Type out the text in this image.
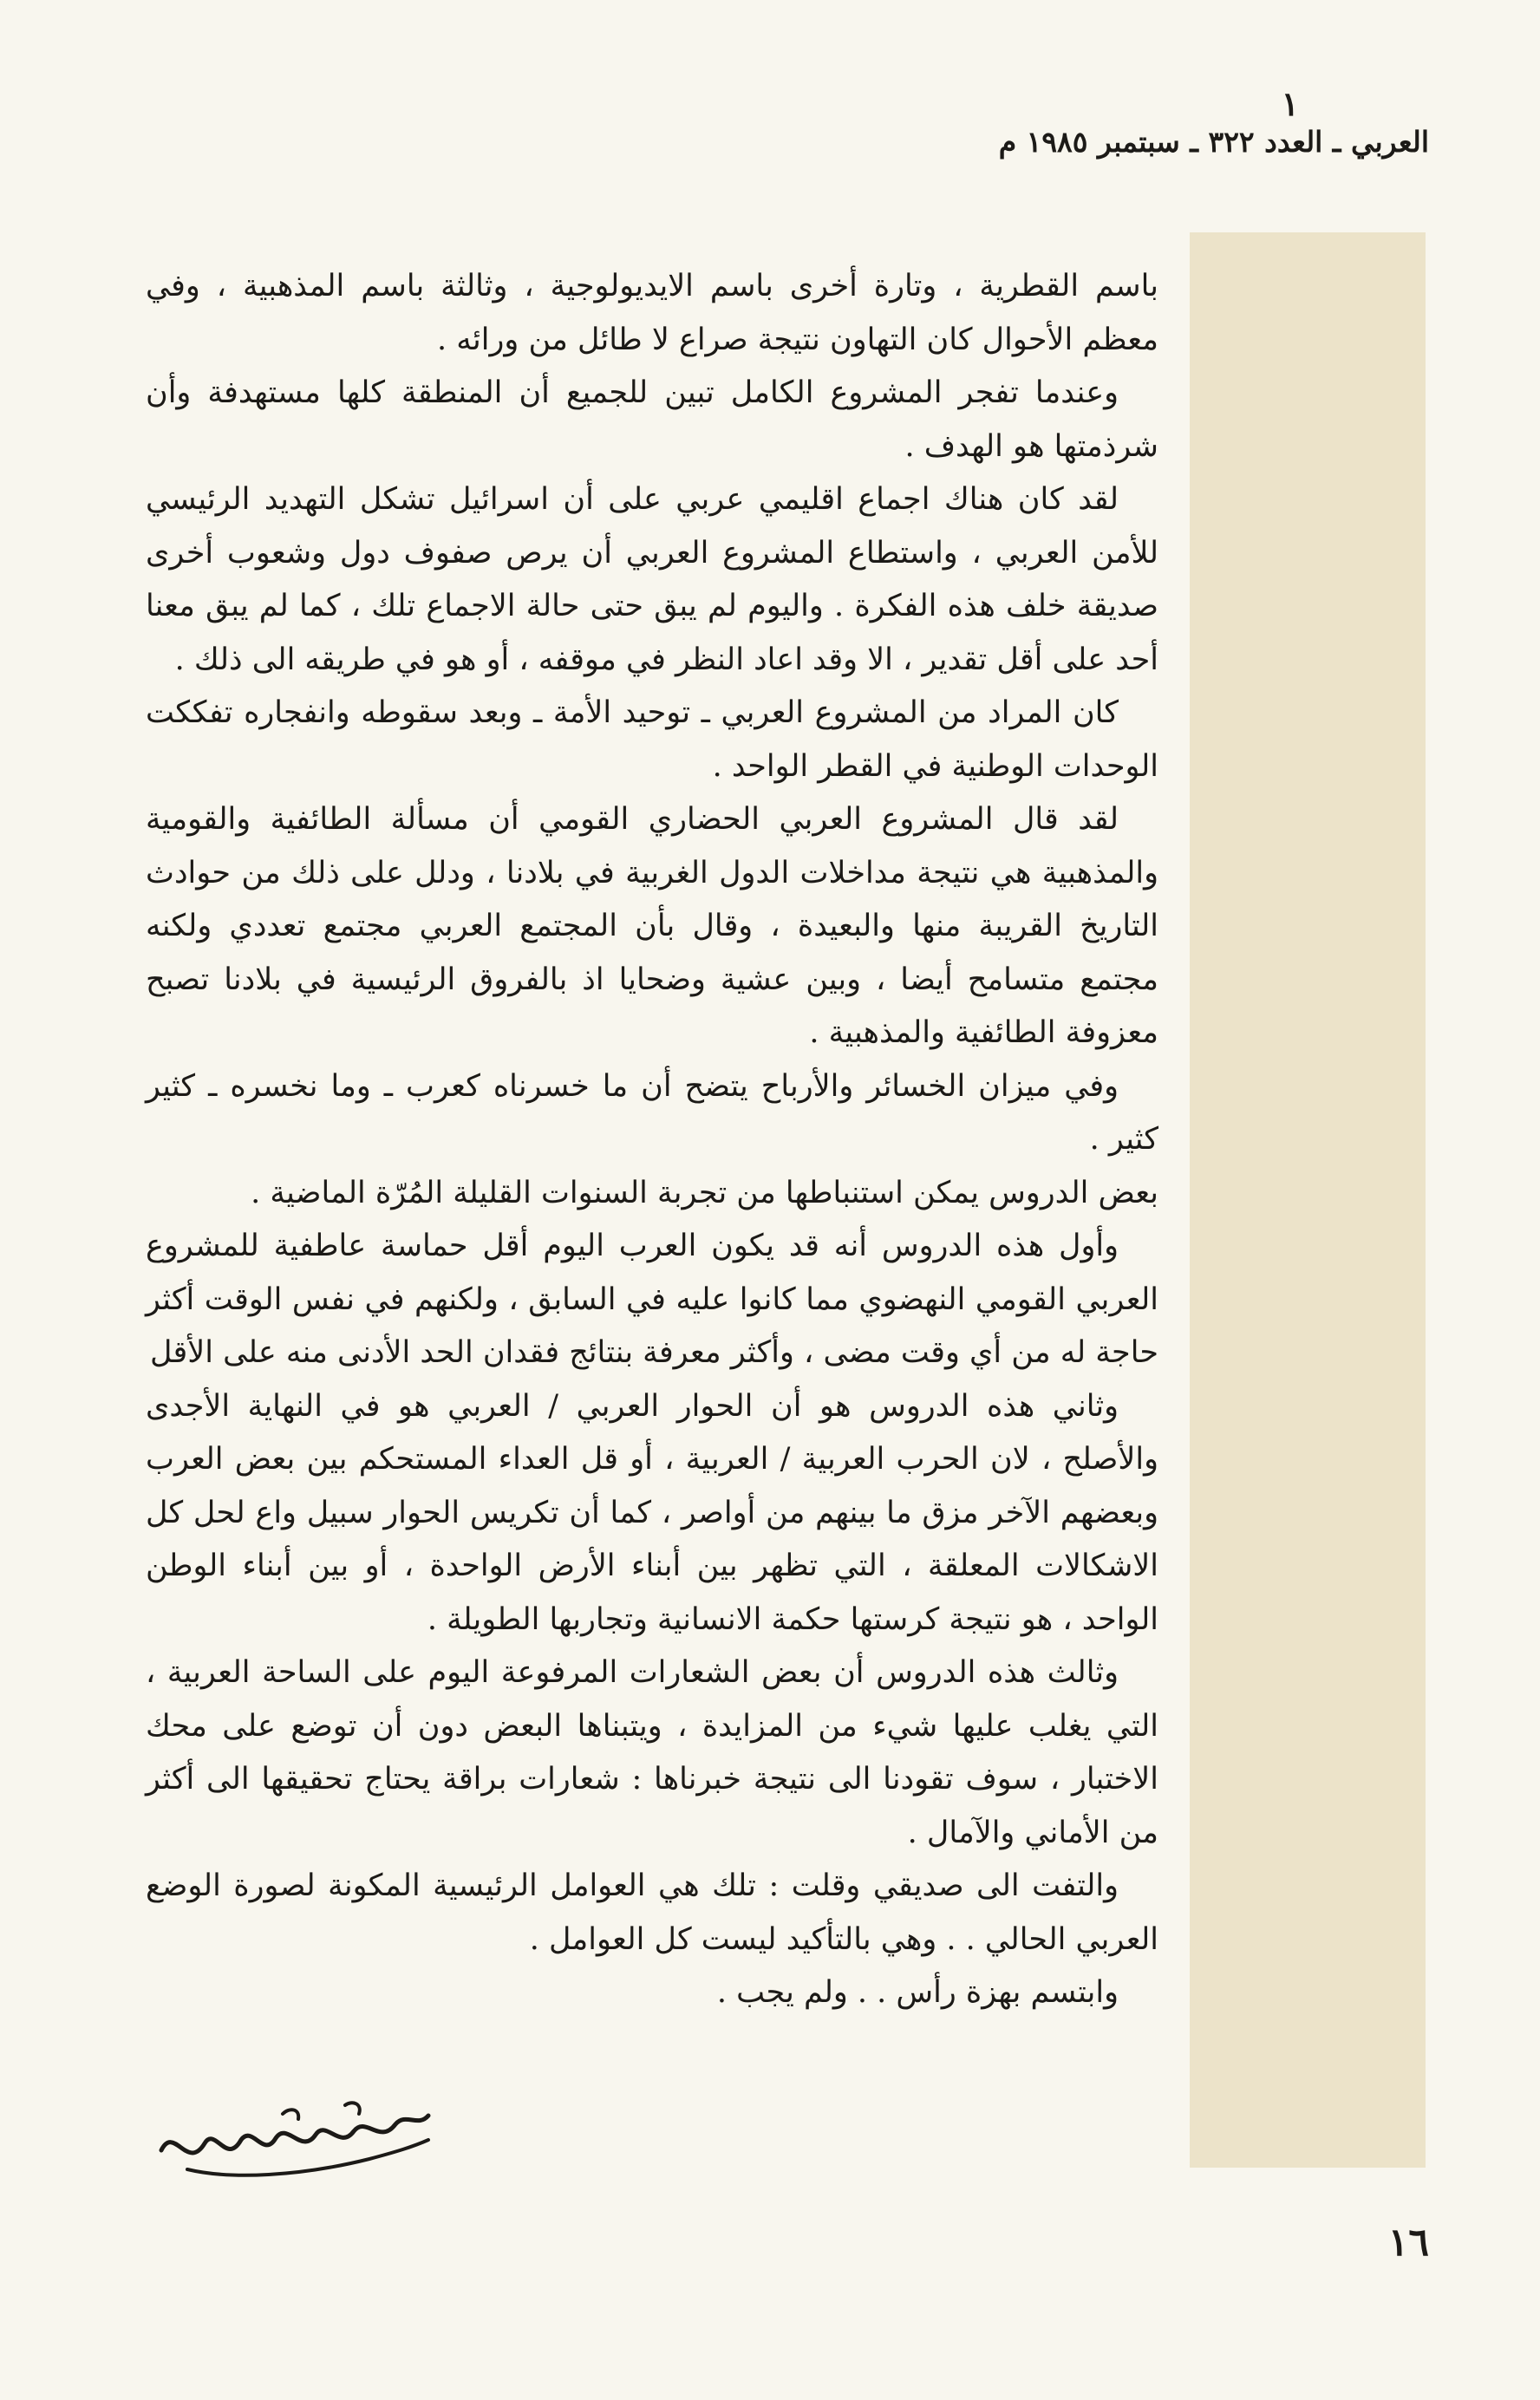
١
العربي ـ العدد ٣٢٢ ـ سبتمبر ١٩٨٥ م

باسم القطرية ، وتارة أخرى باسم الايديولوجية ، وثالثة باسم المذهبية ، وفي معظم الأحوال كان التهاون نتيجة صراع لا طائل من ورائه .

وعندما تفجر المشروع الكامل تبين للجميع أن المنطقة كلها مستهدفة وأن شرذمتها هو الهدف .

لقد كان هناك اجماع اقليمي عربي على أن اسرائيل تشكل التهديد الرئيسي للأمن العربي ، واستطاع المشروع العربي أن يرص صفوف دول وشعوب أخرى صديقة خلف هذه الفكرة . واليوم لم يبق حتى حالة الاجماع تلك ، كما لم يبق معنا أحد على أقل تقدير ، الا وقد اعاد النظر في موقفه ، أو هو في طريقه الى ذلك .

كان المراد من المشروع العربي ـ توحيد الأمة ـ وبعد سقوطه وانفجاره تفككت الوحدات الوطنية في القطر الواحد .

لقد قال المشروع العربي الحضاري القومي أن مسألة الطائفية والقومية والمذهبية هي نتيجة مداخلات الدول الغربية في بلادنا ، ودلل على ذلك من حوادث التاريخ القريبة منها والبعيدة ، وقال بأن المجتمع العربي مجتمع تعددي ولكنه مجتمع متسامح أيضا ، وبين عشية وضحايا اذ بالفروق الرئيسية في بلادنا تصبح معزوفة الطائفية والمذهبية .

وفي ميزان الخسائر والأرباح يتضح أن ما خسرناه كعرب ـ وما نخسره ـ كثير كثير .

بعض الدروس يمكن استنباطها من تجربة السنوات القليلة المُرّة الماضية .

وأول هذه الدروس أنه قد يكون العرب اليوم أقل حماسة عاطفية للمشروع العربي القومي النهضوي مما كانوا عليه في السابق ، ولكنهم في نفس الوقت أكثر حاجة له من أي وقت مضى ، وأكثر معرفة بنتائج فقدان الحد الأدنى منه على الأقل

وثاني هذه الدروس هو أن الحوار العربي / العربي هو في النهاية الأجدى والأصلح ، لان الحرب العربية / العربية ، أو قل العداء المستحكم بين بعض العرب وبعضهم الآخر مزق ما بينهم من أواصر ، كما أن تكريس الحوار سبيل واع لحل كل الاشكالات المعلقة ، التي تظهر بين أبناء الأرض الواحدة ، أو بين أبناء الوطن الواحد ، هو نتيجة كرستها حكمة الانسانية وتجاربها الطويلة .

وثالث هذه الدروس أن بعض الشعارات المرفوعة اليوم على الساحة العربية ، التي يغلب عليها شيء من المزايدة ، ويتبناها البعض دون أن توضع على محك الاختبار ، سوف تقودنا الى نتيجة خبرناها : شعارات براقة يحتاج تحقيقها الى أكثر من الأماني والآمال .

والتفت الى صديقي وقلت : تلك هي العوامل الرئيسية المكونة لصورة الوضع العربي الحالي . . وهي بالتأكيد ليست كل العوامل .

وابتسم بهزة رأس . . ولم يجب .

١٦
